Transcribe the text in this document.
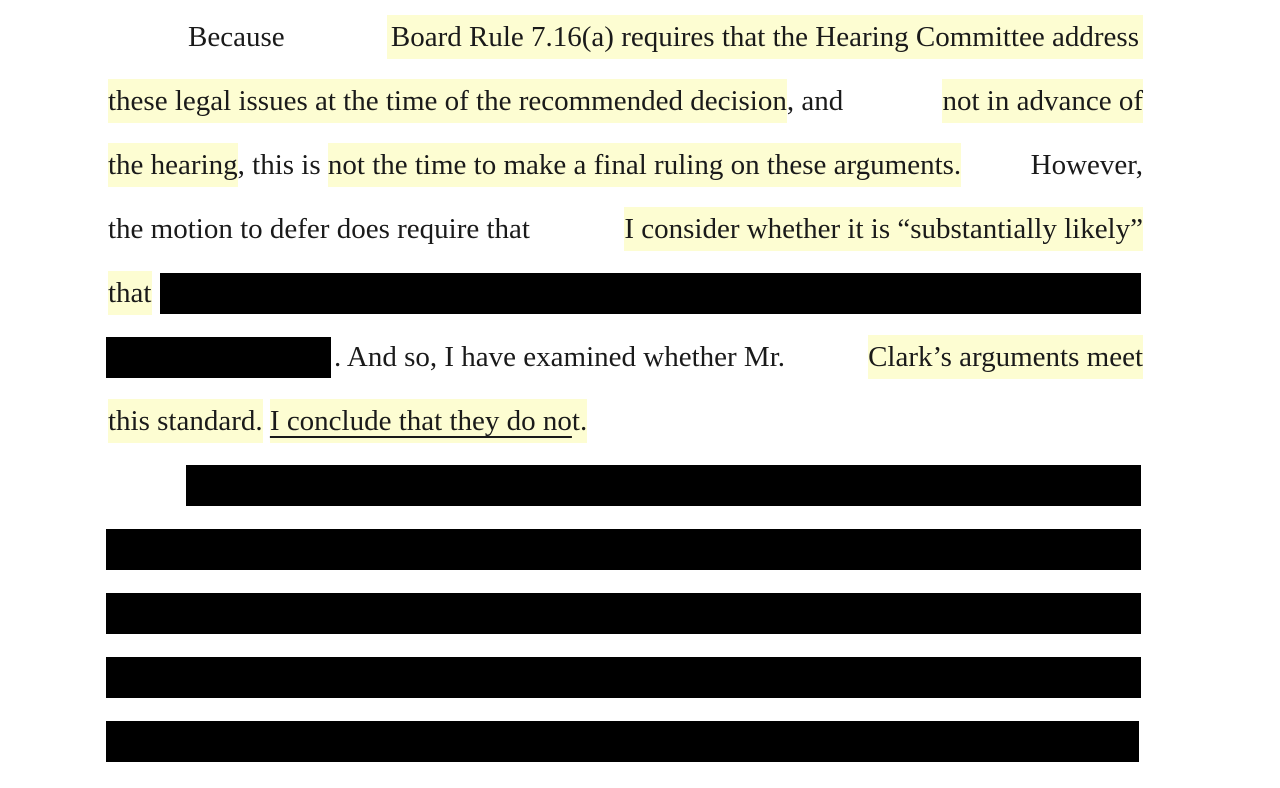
Because	Board Rule 7.16(a) requires that the Hearing Committee address
these legal issues at the time of the recommended decision , and	not in advance of
the hearing , this is not the time to make a final ruling on these arguments. However,
the motion to defer does require that	I consider whether it is “substantially likely”
that
. And so, I have examined whether Mr.	Clark’s arguments meet
this standard.
I conclude that they do no t.
